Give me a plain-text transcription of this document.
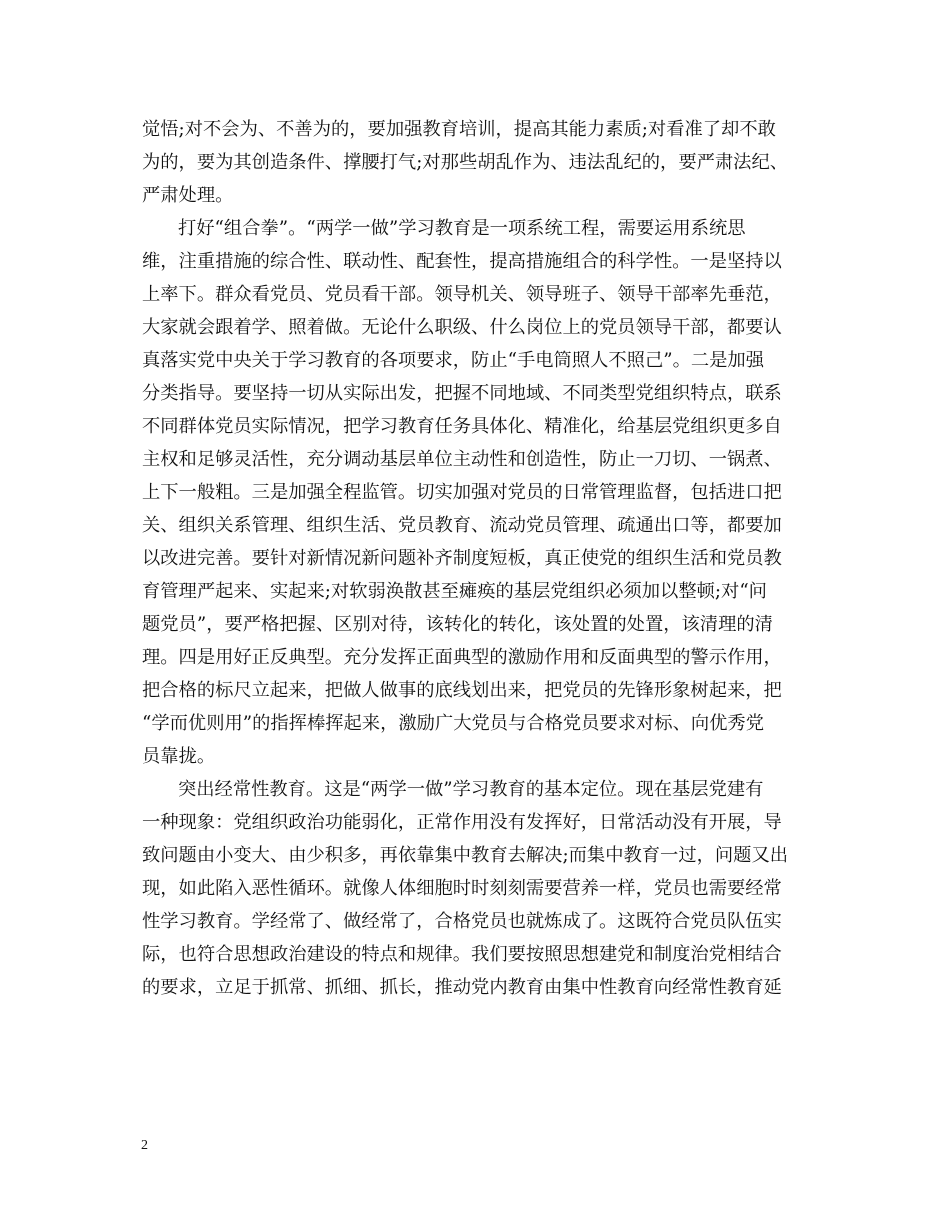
觉悟;对不会为、不善为的，要加强教育培训，提高其能力素质;对看准了却不敢
为的，要为其创造条件、撑腰打气;对那些胡乱作为、违法乱纪的，要严肃法纪、
严肃处理。
打好“组合拳”。“两学一做”学习教育是一项系统工程，需要运用系统思
维，注重措施的综合性、联动性、配套性，提高措施组合的科学性。一是坚持以
上率下。群众看党员、党员看干部。领导机关、领导班子、领导干部率先垂范，
大家就会跟着学、照着做。无论什么职级、什么岗位上的党员领导干部，都要认
真落实党中央关于学习教育的各项要求，防止“手电筒照人不照己”。二是加强
分类指导。要坚持一切从实际出发，把握不同地域、不同类型党组织特点，联系
不同群体党员实际情况，把学习教育任务具体化、精准化，给基层党组织更多自
主权和足够灵活性，充分调动基层单位主动性和创造性，防止一刀切、一锅煮、
上下一般粗。三是加强全程监管。切实加强对党员的日常管理监督，包括进口把
关、组织关系管理、组织生活、党员教育、流动党员管理、疏通出口等，都要加
以改进完善。要针对新情况新问题补齐制度短板，真正使党的组织生活和党员教
育管理严起来、实起来;对软弱涣散甚至瘫痪的基层党组织必须加以整顿;对“问
题党员”，要严格把握、区别对待，该转化的转化，该处置的处置，该清理的清
理。四是用好正反典型。充分发挥正面典型的激励作用和反面典型的警示作用，
把合格的标尺立起来，把做人做事的底线划出来，把党员的先锋形象树起来，把
“学而优则用”的指挥棒挥起来，激励广大党员与合格党员要求对标、向优秀党
员靠拢。
突出经常性教育。这是“两学一做”学习教育的基本定位。现在基层党建有
一种现象：党组织政治功能弱化，正常作用没有发挥好，日常活动没有开展，导
致问题由小变大、由少积多，再依靠集中教育去解决;而集中教育一过，问题又出
现，如此陷入恶性循环。就像人体细胞时时刻刻需要营养一样，党员也需要经常
性学习教育。学经常了、做经常了，合格党员也就炼成了。这既符合党员队伍实
际，也符合思想政治建设的特点和规律。我们要按照思想建党和制度治党相结合
的要求，立足于抓常、抓细、抓长，推动党内教育由集中性教育向经常性教育延
2
